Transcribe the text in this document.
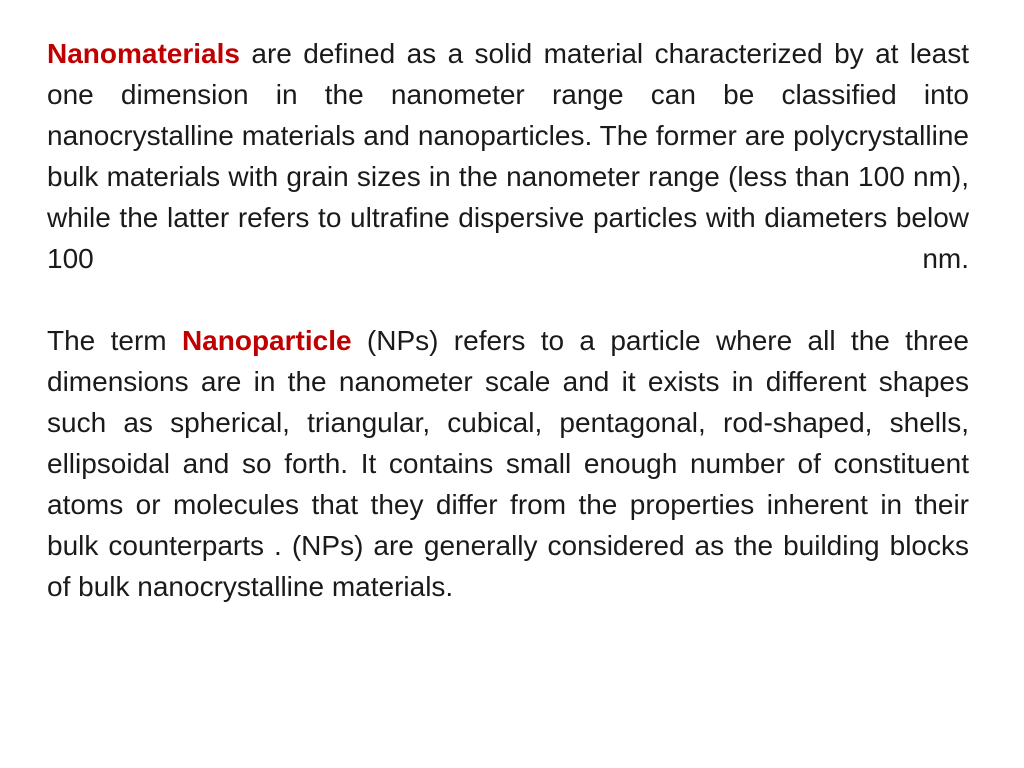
Nanomaterials are defined as a solid material characterized by at least one dimension in the nanometer range can be classified into nanocrystalline materials and nanoparticles. The former are polycrystalline bulk materials with grain sizes in the nanometer range (less than 100 nm), while the latter refers to ultrafine dispersive particles with diameters below 100 nm.

The term Nanoparticle (NPs) refers to a particle where all the three dimensions are in the nanometer scale and it exists in different shapes such as spherical, triangular, cubical, pentagonal, rod-shaped, shells, ellipsoidal and so forth. It contains small enough number of constituent atoms or molecules that they differ from the properties inherent in their bulk counterparts . (NPs) are generally considered as the building blocks of bulk nanocrystalline materials.
